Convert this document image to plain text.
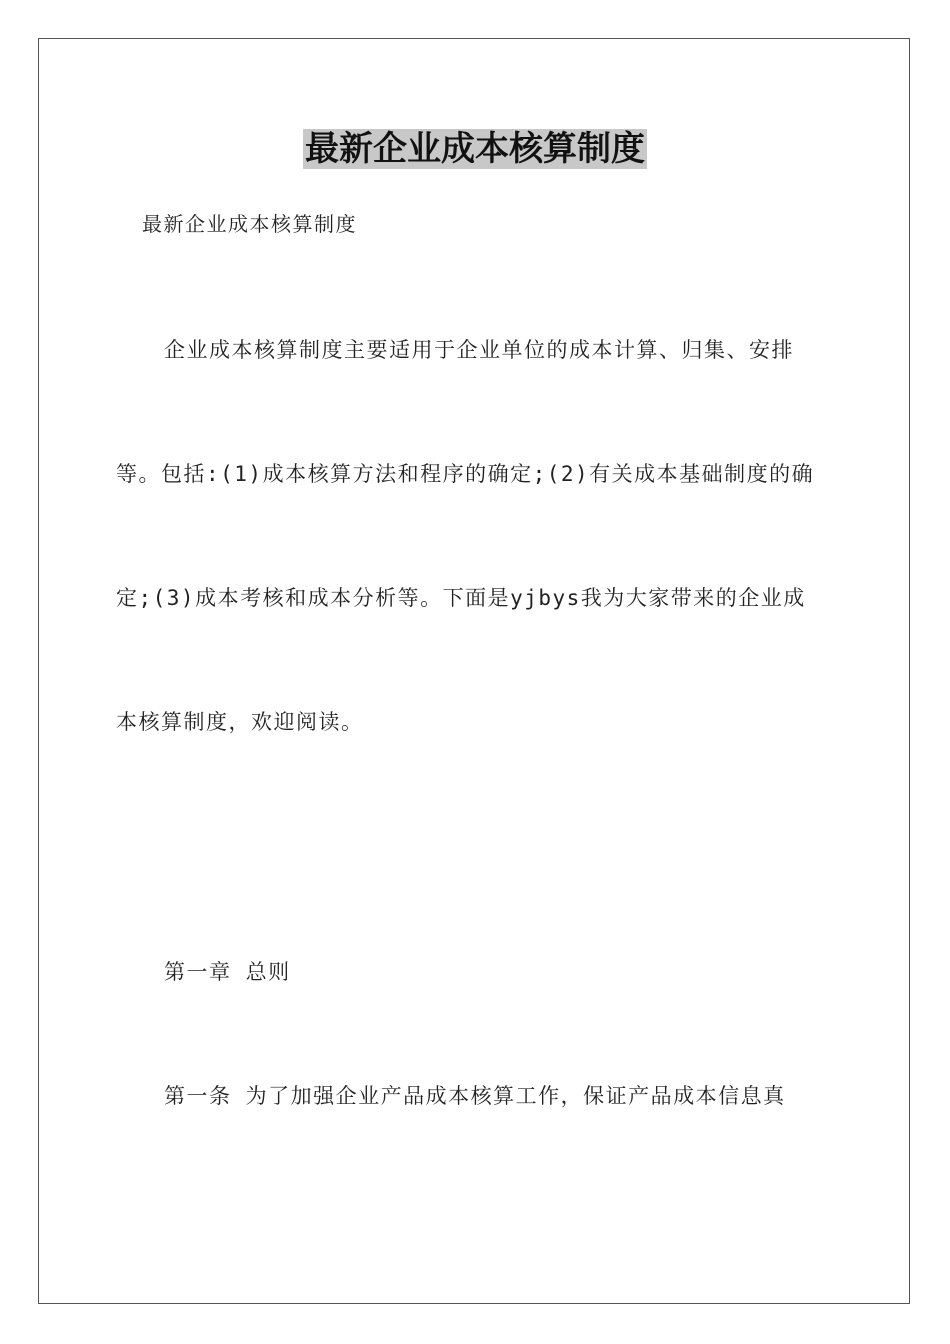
最新企业成本核算制度
最新企业成本核算制度
企业成本核算制度主要适用于企业单位的成本计算、归集、安排
等。包括:(1)成本核算方法和程序的确定;(2)有关成本基础制度的确
定;(3)成本考核和成本分析等。下面是yjbys我为大家带来的企业成
本核算制度，欢迎阅读。
第一章 总则
第一条 为了加强企业产品成本核算工作，保证产品成本信息真
